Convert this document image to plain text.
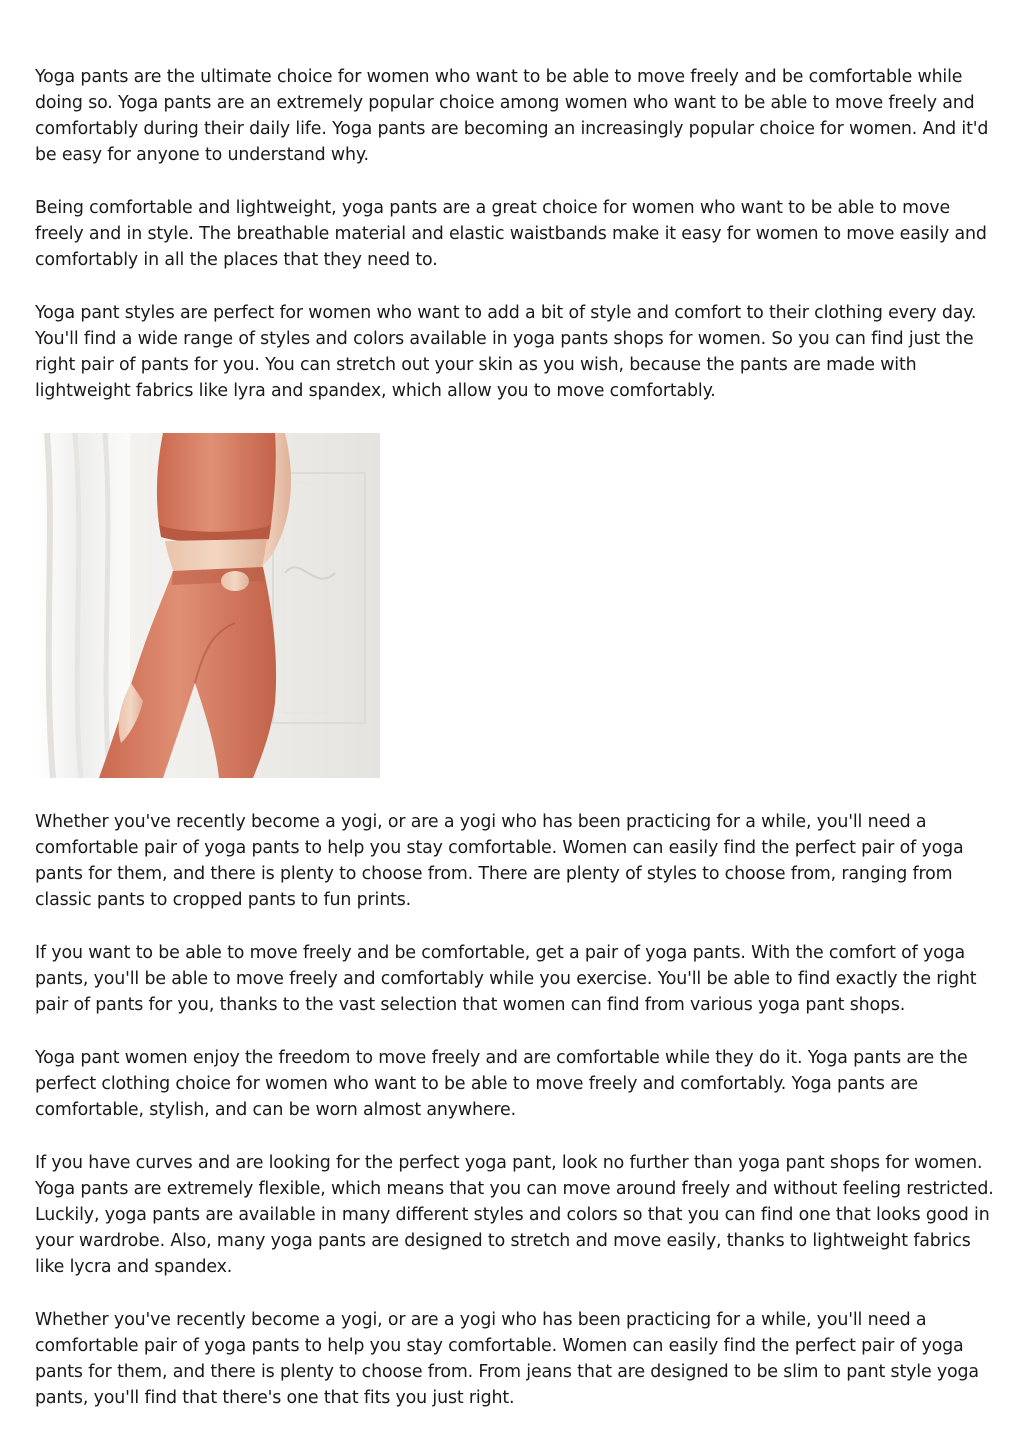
Yoga pants are the ultimate choice for women who want to be able to move freely and be comfortable while doing so. Yoga pants are an extremely popular choice among women who want to be able to move freely and comfortably during their daily life. Yoga pants are becoming an increasingly popular choice for women. And it'd be easy for anyone to understand why.

Being comfortable and lightweight, yoga pants are a great choice for women who want to be able to move freely and in style. The breathable material and elastic waistbands make it easy for women to move easily and comfortably in all the places that they need to.

Yoga pant styles are perfect for women who want to add a bit of style and comfort to their clothing every day. You'll find a wide range of styles and colors available in yoga pants shops for women. So you can find just the right pair of pants for you. You can stretch out your skin as you wish, because the pants are made with lightweight fabrics like lyra and spandex, which allow you to move comfortably.

Whether you've recently become a yogi, or are a yogi who has been practicing for a while, you'll need a comfortable pair of yoga pants to help you stay comfortable. Women can easily find the perfect pair of yoga pants for them, and there is plenty to choose from. There are plenty of styles to choose from, ranging from classic pants to cropped pants to fun prints.

If you want to be able to move freely and be comfortable, get a pair of yoga pants. With the comfort of yoga pants, you'll be able to move freely and comfortably while you exercise. You'll be able to find exactly the right pair of pants for you, thanks to the vast selection that women can find from various yoga pant shops.

Yoga pant women enjoy the freedom to move freely and are comfortable while they do it. Yoga pants are the perfect clothing choice for women who want to be able to move freely and comfortably. Yoga pants are comfortable, stylish, and can be worn almost anywhere.

If you have curves and are looking for the perfect yoga pant, look no further than yoga pant shops for women. Yoga pants are extremely flexible, which means that you can move around freely and without feeling restricted. Luckily, yoga pants are available in many different styles and colors so that you can find one that looks good in your wardrobe. Also, many yoga pants are designed to stretch and move easily, thanks to lightweight fabrics like lycra and spandex.

Whether you've recently become a yogi, or are a yogi who has been practicing for a while, you'll need a comfortable pair of yoga pants to help you stay comfortable. Women can easily find the perfect pair of yoga pants for them, and there is plenty to choose from. From jeans that are designed to be slim to pant style yoga pants, you'll find that there's one that fits you just right.
